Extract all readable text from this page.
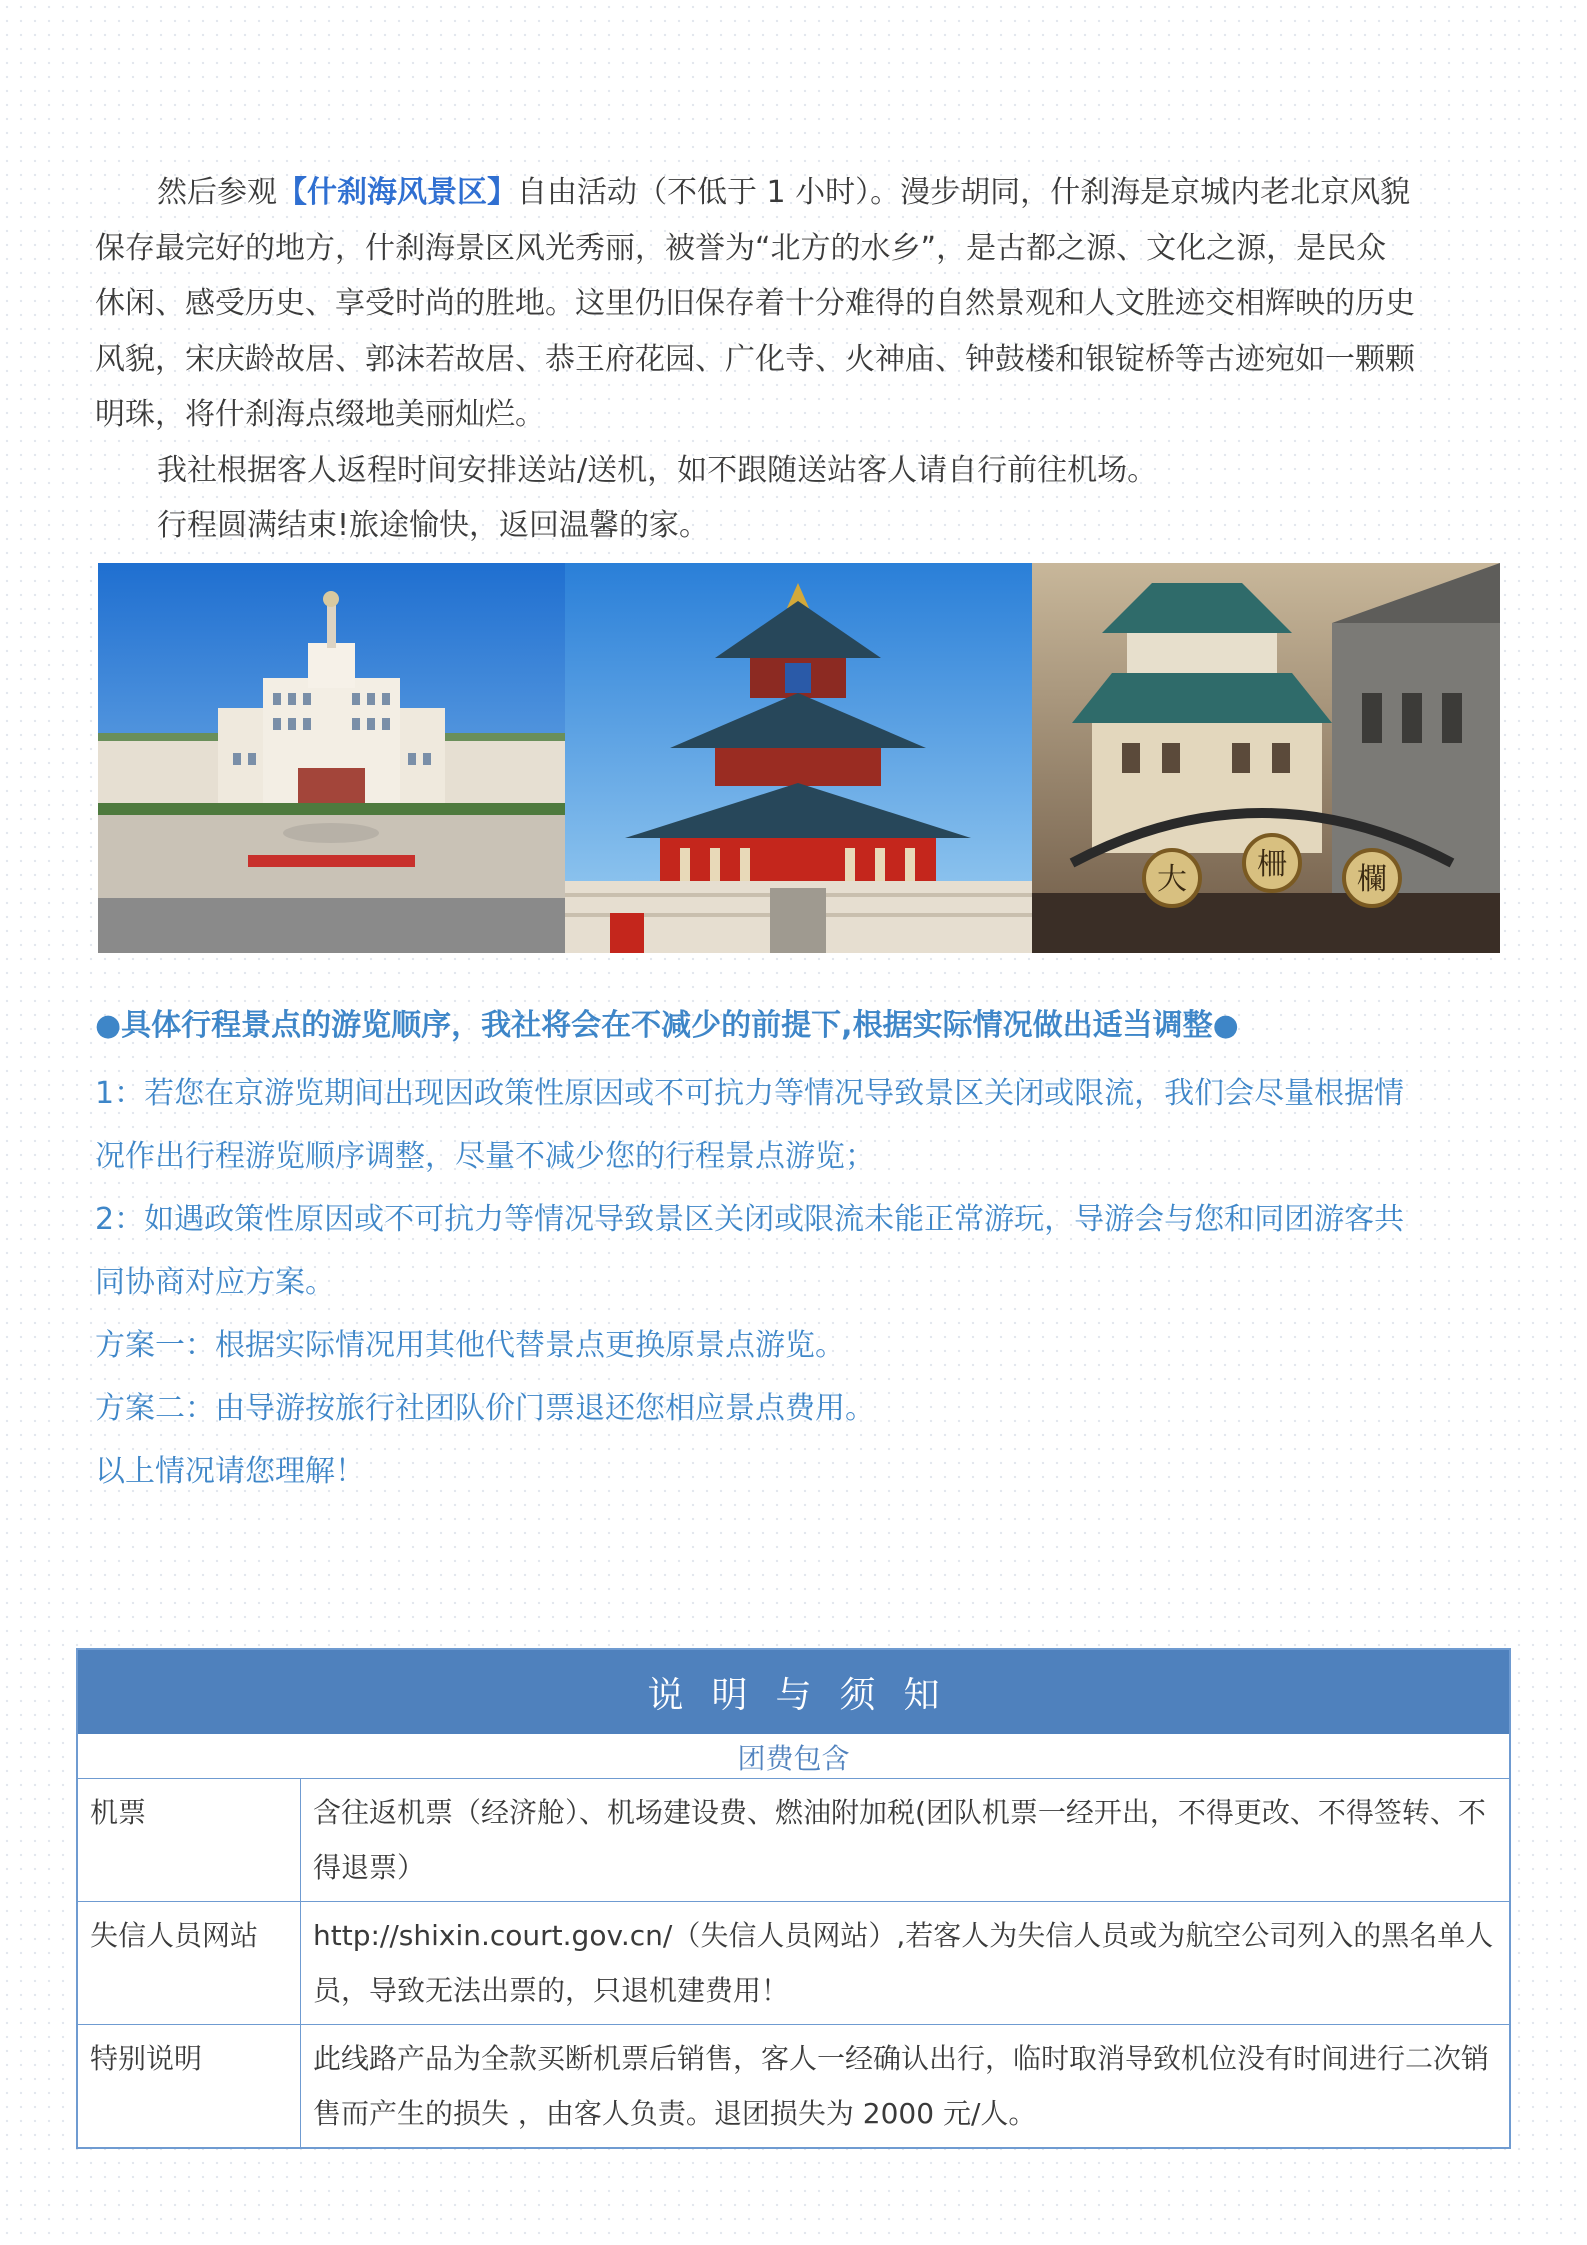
然后参观【什刹海风景区】自由活动（不低于 1 小时）。漫步胡同，什刹海是京城内老北京风貌保存最完好的地方，什刹海景区风光秀丽，被誉为“北方的水乡”，是古都之源、文化之源，是民众休闲、感受历史、享受时尚的胜地。这里仍旧保存着十分难得的自然景观和人文胜迹交相辉映的历史风貌，宋庆龄故居、郭沫若故居、恭王府花园、广化寺、火神庙、钟鼓楼和银锭桥等古迹宛如一颗颗明珠，将什刹海点缀地美丽灿烂。

我社根据客人返程时间安排送站/送机，如不跟随送站客人请自行前往机场。

行程圆满结束!旅途愉快，返回温馨的家。

大 柵 欄

●具体行程景点的游览顺序，我社将会在不减少的前提下,根据实际情况做出适当调整●

1：若您在京游览期间出现因政策性原因或不可抗力等情况导致景区关闭或限流，我们会尽量根据情况作出行程游览顺序调整，尽量不减少您的行程景点游览；

2：如遇政策性原因或不可抗力等情况导致景区关闭或限流未能正常游玩，导游会与您和同团游客共同协商对应方案。

方案一：根据实际情况用其他代替景点更换原景点游览。

方案二：由导游按旅行社团队价门票退还您相应景点费用。

以上情况请您理解！

说明与须知
团费包含
机票	含往返机票（经济舱）、机场建设费、燃油附加税(团队机票一经开出，不得更改、不得签转、不得退票）
失信人员网站	http://shixin.court.gov.cn/（失信人员网站）,若客人为失信人员或为航空公司列入的黑名单人员，导致无法出票的，只退机建费用！
特别说明	此线路产品为全款买断机票后销售，客人一经确认出行，临时取消导致机位没有时间进行二次销售而产生的损失 ，由客人负责。退团损失为 2000 元/人。
